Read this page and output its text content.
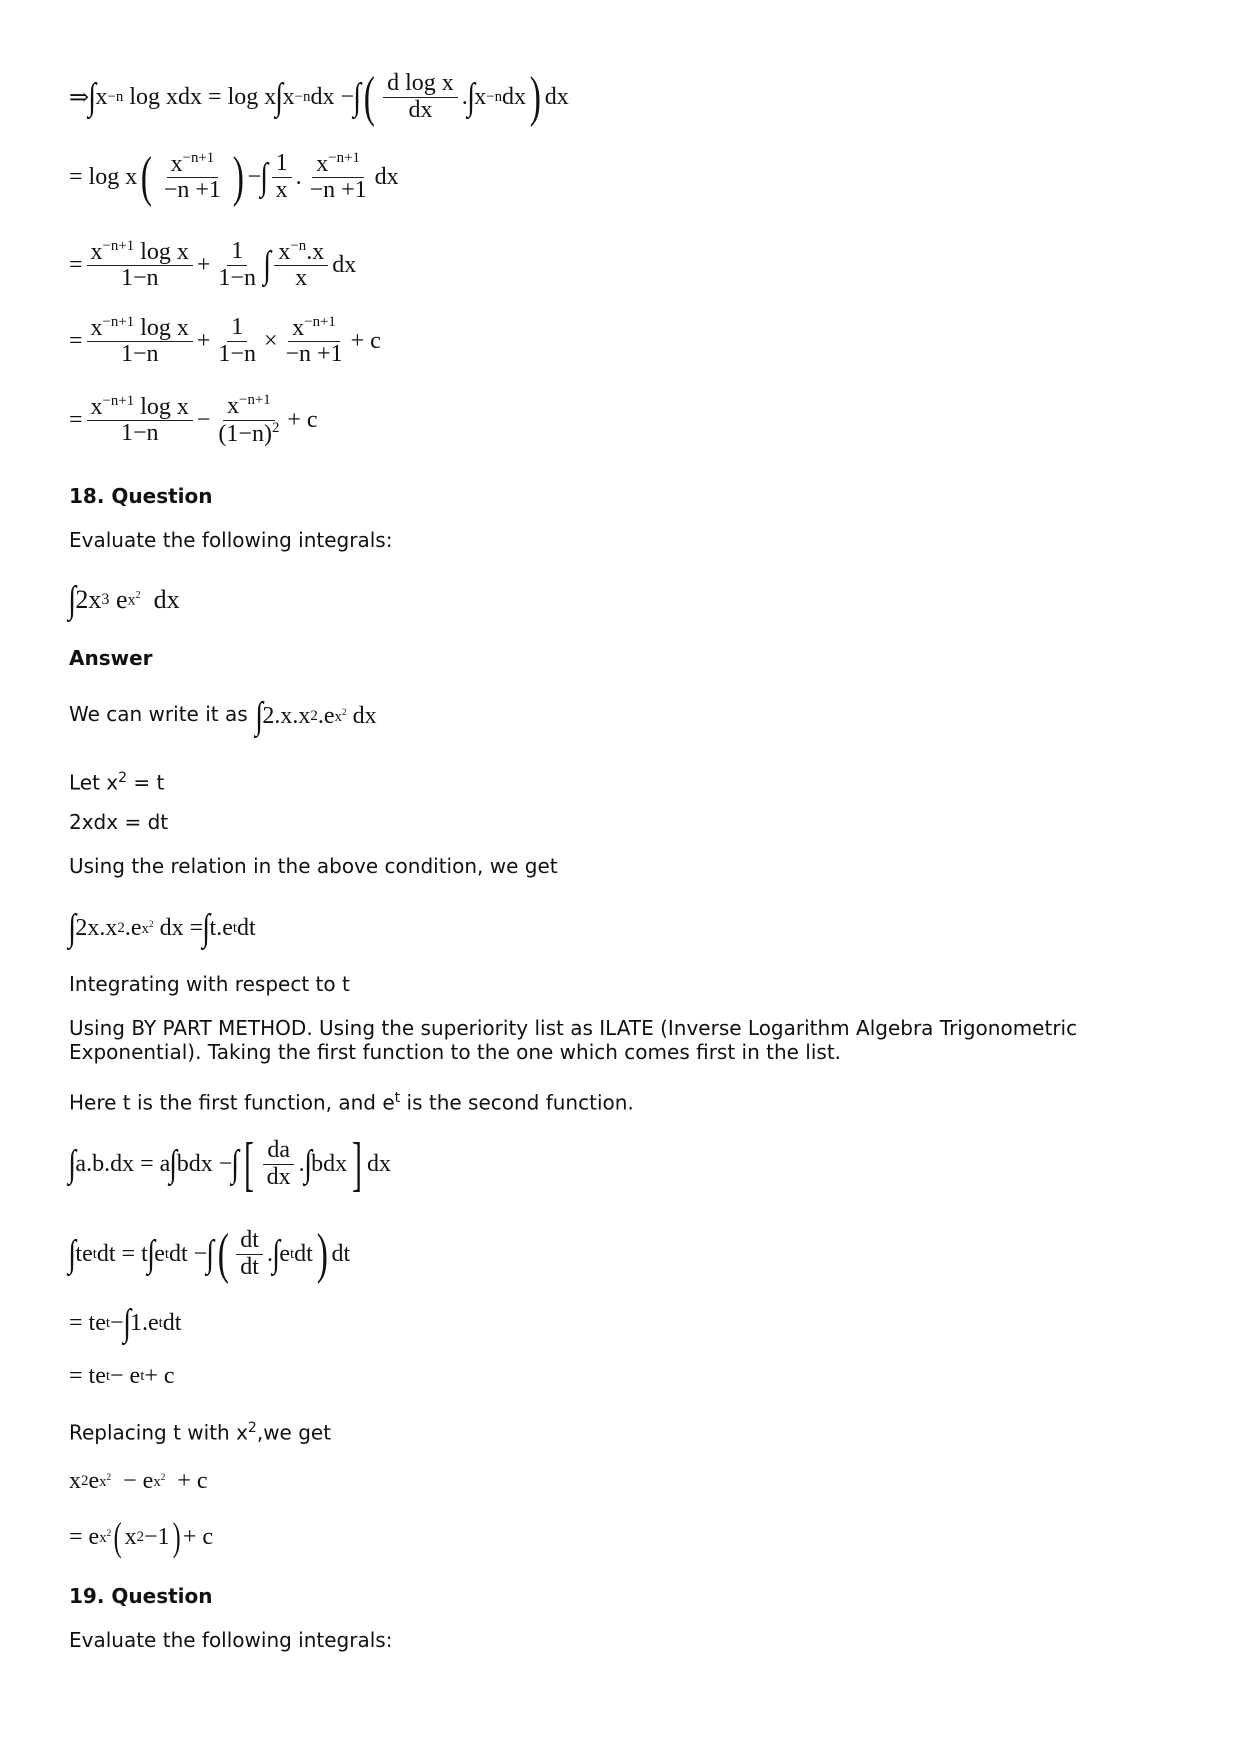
⇒ ∫ x −n log xdx = log x ∫ x −n dx − ∫ ( $\frac{\text{d log x}}{dx}$ . ∫ x −n dx ) dx
= log x ( $\frac{x^{-n+1}}{-n +1}$ ) − ∫ $\frac{1}{x}$ . $\frac{x^{-n+1}}{-n +1}$ dx
= $\frac{x^{-n+1} \log x}{1-n} + \frac{1}{1-n}$ ∫ $\frac{x^{-n}.x}{x}$ dx
= $\frac{x^{-n+1} \log x}{1-n} + \frac{1}{1-n} \times \frac{x^{-n+1}}{-n +1} + c$
= $\frac{x^{-n+1} \log x}{1-n} - \frac{x^{-n+1}}{(1-n)^2} + c$
18. Question
Evaluate the following integrals:
∫ 2x 3 e $x^2$ dx
Answer
We can write it as ∫ 2.x.x 2 .e $x^2$ dx
Let $x^2 = t$
2xdx = dt
Using the relation in the above condition, we get
∫ 2x.x 2 .e $x^2$ dx = ∫ t.e t dt
Integrating with respect to t
Using BY PART METHOD. Using the superiority list as ILATE (Inverse Logarithm Algebra Trigonometric
Exponential). Taking the first function to the one which comes first in the list.
Here t is the first function, and $e^t$ is the second function.
∫ a.b.dx = a ∫ bdx − ∫ [ $\frac{da}{dx}$ . ∫ bdx ] dx
∫ te t dt = t ∫ e t dt − ∫ ( $\frac{dt}{dt}$ . ∫ e t dt ) dt
= te t − ∫ 1.e t dt
= te t − e t + c
Replacing t with $x^2,we$ get
x 2 e $x^2 - e$ $x^2 + c$
= e $x^2$ ( x 2 −1 ) + c
19. Question
Evaluate the following integrals:
